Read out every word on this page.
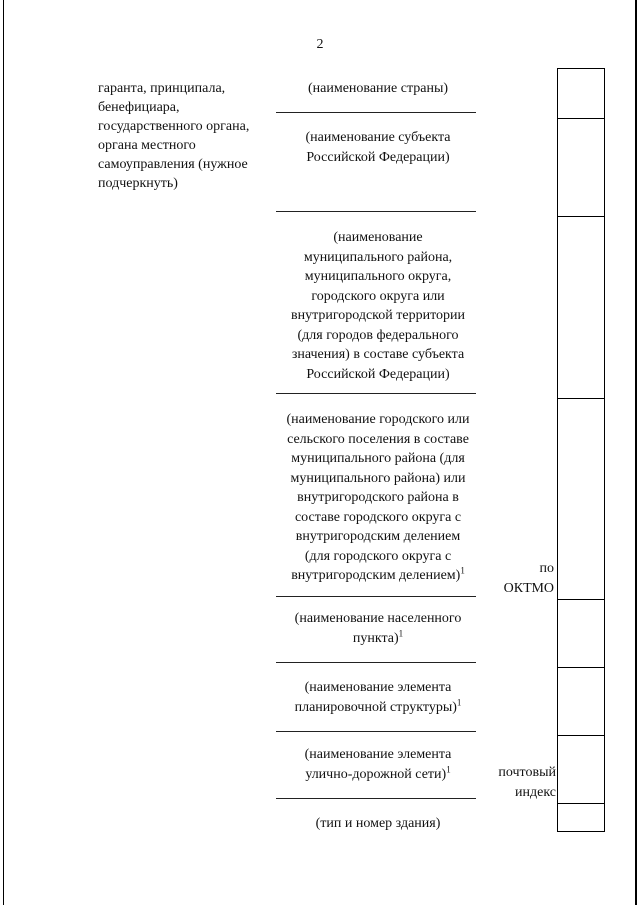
2
гаранта, принципала,
бенефициара,
государственного органа,
органа местного
самоуправления (нужное
подчеркнуть)
(наименование страны)
(наименование субъекта
Российской Федерации)
(наименование
муниципального района,
муниципального округа,
городского округа или
внутригородской территории
(для городов федерального
значения) в составе субъекта
Российской Федерации)
(наименование городского или
сельского поселения в составе
муниципального района (для
муниципального района) или
внутригородского района в
составе городского округа с
внутригородским делением
(для городского округа с
внутригородским делением)$^1$
(наименование населенного
пункта)$^1$
(наименование элемента
планировочной структуры)$^1$
(наименование элемента
улично-дорожной сети)$^1$
(тип и номер здания)
по
ОКТМО
почтовый
индекс
